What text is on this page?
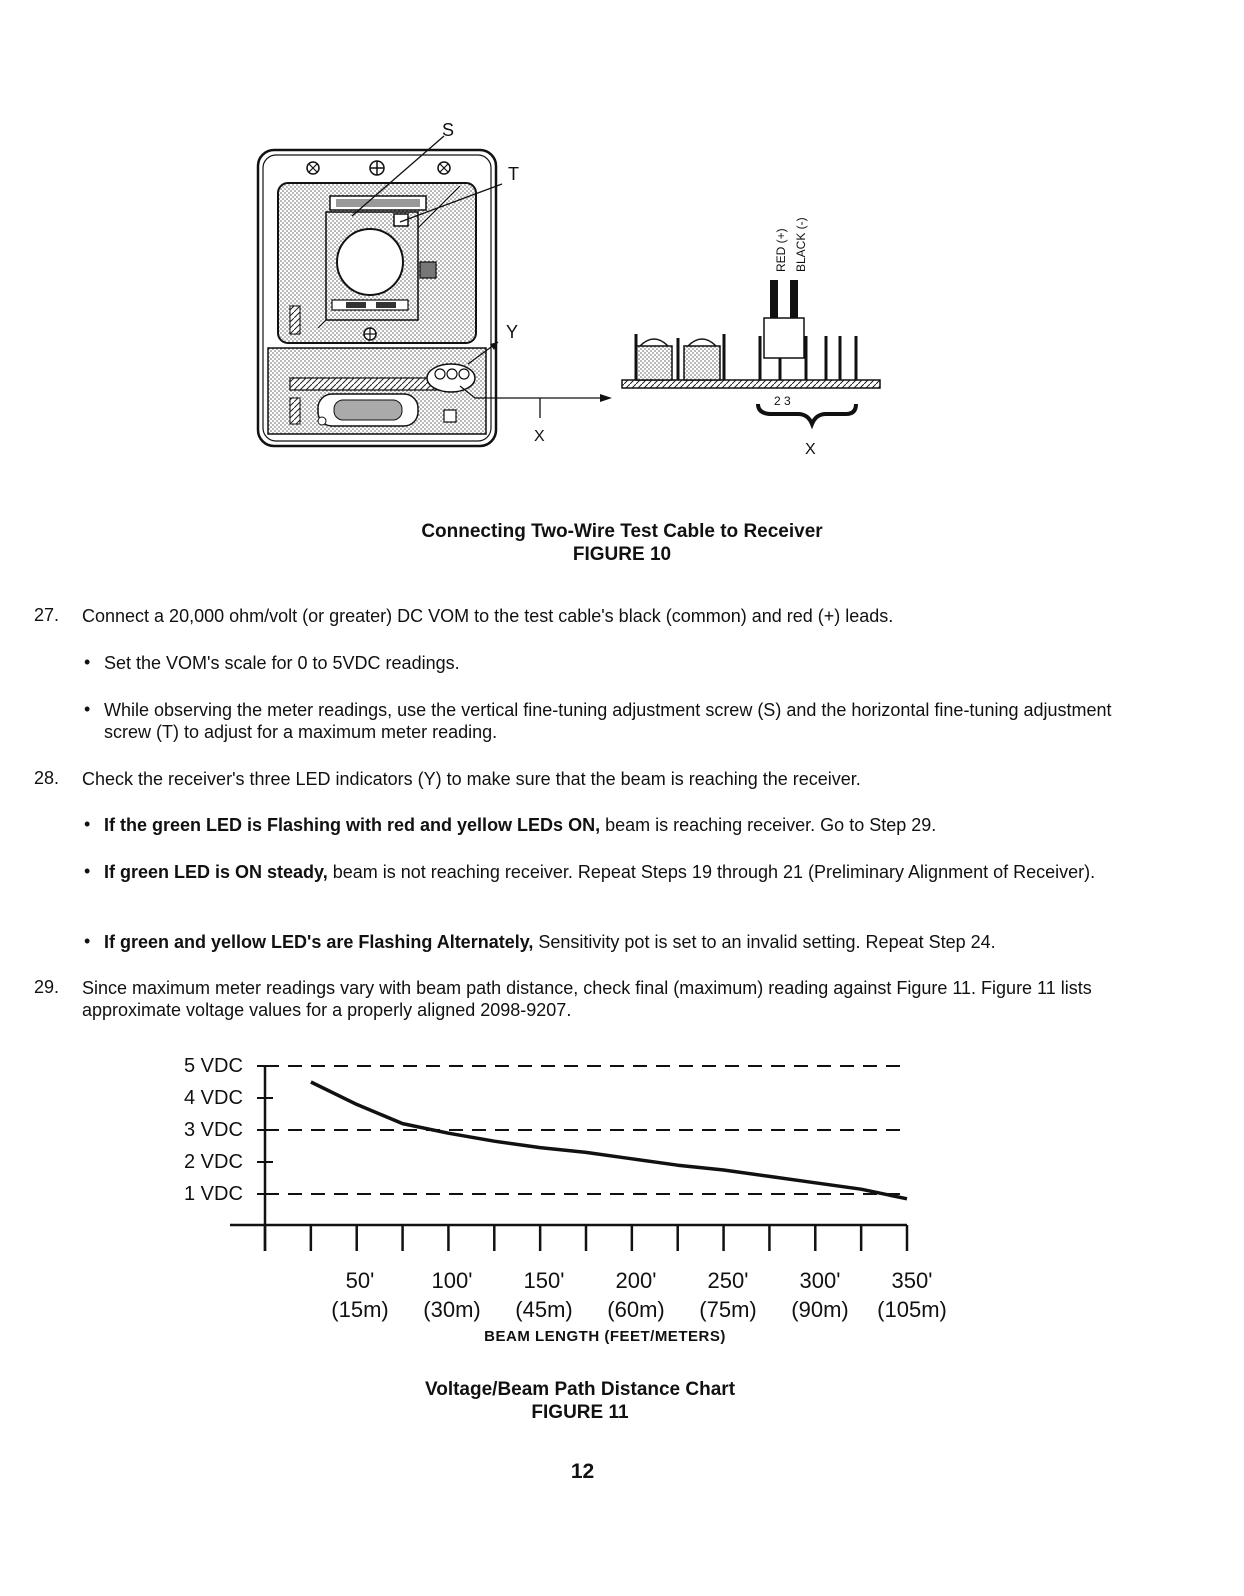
S
T
Y
X
X
2 3
RED (+) BLACK (-)
Connecting Two-Wire Test Cable to Receiver
FIGURE 10
27. Connect a 20,000 ohm/volt (or greater) DC VOM to the test cable's black (common) and red (+) leads.
• Set the VOM's scale for 0 to 5VDC readings.
• While observing the meter readings, use the vertical fine-tuning adjustment screw (S) and the horizontal fine-tuning adjustment screw (T) to adjust for a maximum meter reading.
28. Check the receiver's three LED indicators (Y) to make sure that the beam is reaching the receiver.
• If the green LED is Flashing with red and yellow LEDs ON, beam is reaching receiver. Go to Step 29.
• If green LED is ON steady, beam is not reaching receiver. Repeat Steps 19 through 21 (Preliminary Alignment of Receiver).
• If green and yellow LED's are Flashing Alternately, Sensitivity pot is set to an invalid setting. Repeat Step 24.
29. Since maximum meter readings vary with beam path distance, check final (maximum) reading against Figure 11. Figure 11 lists approximate voltage values for a properly aligned 2098-9207.
5 VDC
4 VDC
3 VDC
2 VDC
1 VDC
50'	100'	150'	200'	250'	300'	350'
(15m)	(30m)	(45m)	(60m)	(75m)	(90m)	(105m)
BEAM LENGTH (FEET/METERS)
Voltage/Beam Path Distance Chart
FIGURE 11
12
